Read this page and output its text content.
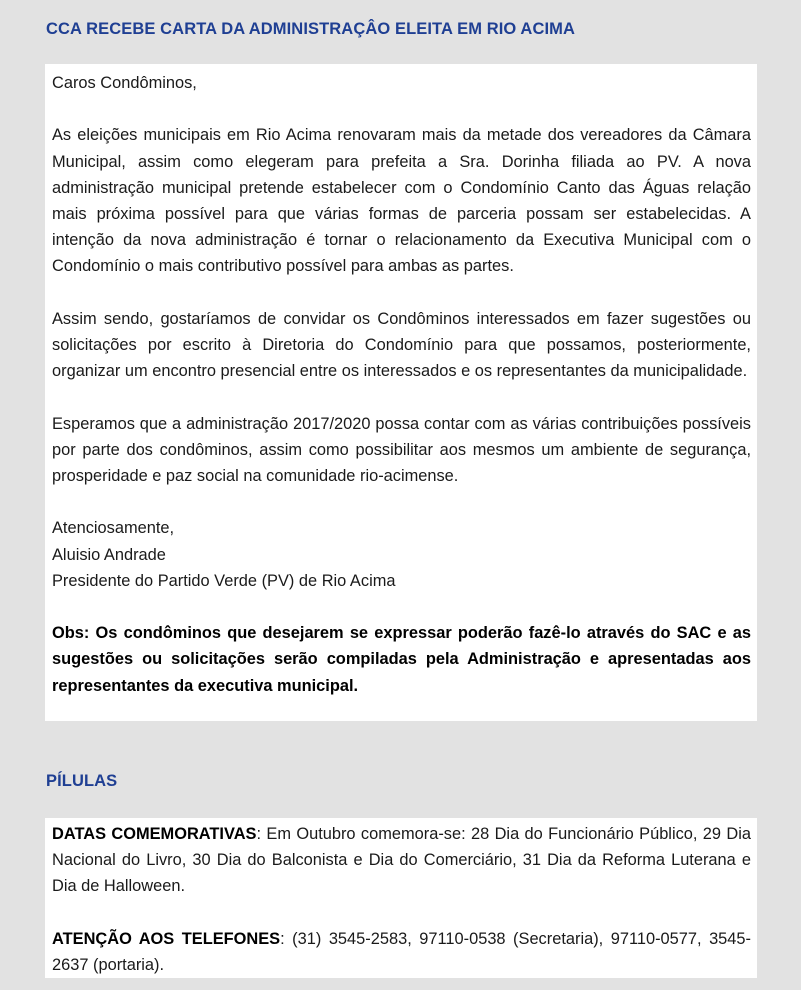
CCA RECEBE CARTA DA ADMINISTRAÇÂO ELEITA EM RIO ACIMA

Caros Condôminos,

As eleições municipais em Rio Acima renovaram mais da metade dos vereadores da Câmara Municipal, assim como elegeram para prefeita a Sra. Dorinha filiada ao PV. A nova administração municipal pretende estabelecer com o Condomínio Canto das Águas relação mais próxima possível para que várias formas de parceria possam ser estabelecidas. A intenção da nova administração é tornar o relacionamento da Executiva Municipal com o Condomínio o mais contributivo possível para ambas as partes.

Assim sendo, gostaríamos de convidar os Condôminos interessados em fazer sugestões ou solicitações por escrito à Diretoria do Condomínio para que possamos, posteriormente, organizar um encontro presencial entre os interessados e os representantes da municipalidade.

Esperamos que a administração 2017/2020 possa contar com as várias contribuições possíveis por parte dos condôminos, assim como possibilitar aos mesmos um ambiente de segurança, prosperidade e paz social na comunidade rio-acimense.

Atenciosamente,
Aluisio Andrade
Presidente do Partido Verde (PV) de Rio Acima

Obs: Os condôminos que desejarem se expressar poderão fazê-lo através do SAC e as sugestões ou solicitações serão compiladas pela Administração e apresentadas aos representantes da executiva municipal.

PÍLULAS

DATAS COMEMORATIVAS: Em Outubro comemora-se: 28 Dia do Funcionário Público, 29 Dia Nacional do Livro, 30 Dia do Balconista e Dia do Comerciário, 31 Dia da Reforma Luterana e Dia de Halloween.

ATENÇÃO AOS TELEFONES: (31) 3545-2583, 97110-0538 (Secretaria), 97110-0577, 3545-2637 (portaria).
